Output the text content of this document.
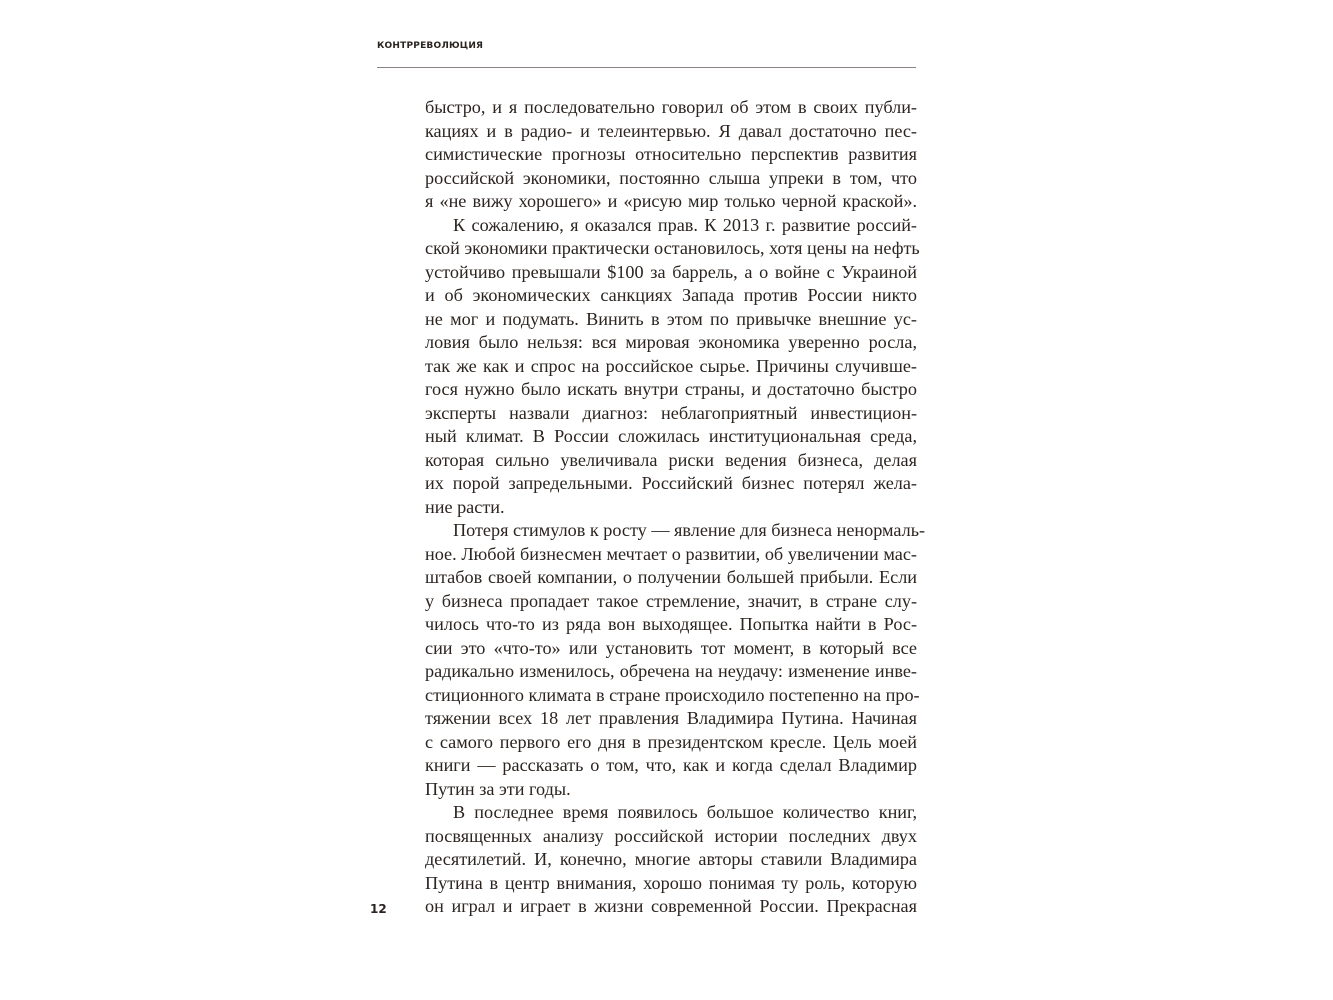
КОНТРРЕВОЛЮЦИЯ
быстро, и я последовательно говорил об этом в своих публи-
кациях и в радио- и телеинтервью. Я давал достаточно пес-
симистические прогнозы относительно перспектив развития
российской экономики, постоянно слыша упреки в том, что
я «не вижу хорошего» и «рисую мир только черной краской».
К сожалению, я оказался прав. К 2013 г. развитие россий-
ской экономики практически остановилось, хотя цены на нефть
устойчиво превышали $100 за баррель, а о войне с Украиной
и об экономических санкциях Запада против России никто
не мог и подумать. Винить в этом по привычке внешние ус-
ловия было нельзя: вся мировая экономика уверенно росла,
так же как и спрос на российское сырье. Причины случивше-
гося нужно было искать внутри страны, и достаточно быстро
эксперты назвали диагноз: неблагоприятный инвестицион-
ный климат. В России сложилась институциональная среда,
которая сильно увеличивала риски ведения бизнеса, делая
их порой запредельными. Российский бизнес потерял жела-
ние расти.
Потеря стимулов к росту — явление для бизнеса ненормаль-
ное. Любой бизнесмен мечтает о развитии, об увеличении мас-
штабов своей компании, о получении большей прибыли. Если
у бизнеса пропадает такое стремление, значит, в стране слу-
чилось что-то из ряда вон выходящее. Попытка найти в Рос-
сии это «что-то» или установить тот момент, в который все
радикально изменилось, обречена на неудачу: изменение инве-
стиционного климата в стране происходило постепенно на про-
тяжении всех 18 лет правления Владимира Путина. Начиная
с самого первого его дня в президентском кресле. Цель моей
книги — рассказать о том, что, как и когда сделал Владимир
Путин за эти годы.
В последнее время появилось большое количество книг,
посвященных анализу российской истории последних двух
десятилетий. И, конечно, многие авторы ставили Владимира
Путина в центр внимания, хорошо понимая ту роль, которую
он играл и играет в жизни современной России. Прекрасная
12
